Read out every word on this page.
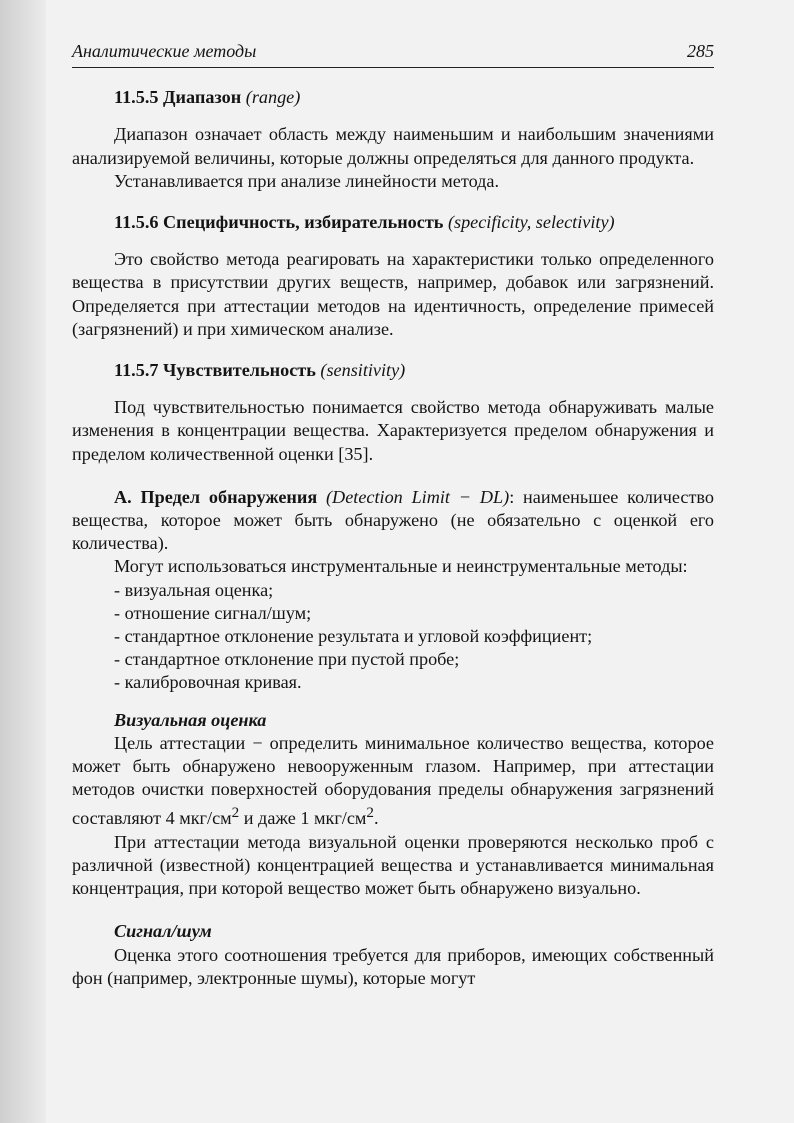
Аналитические методы	285
11.5.5 Диапазон (range)

Диапазон означает область между наименьшим и наибольшим значениями анализируемой величины, которые должны определяться для данного продукта.

Устанавливается при анализе линейности метода.

11.5.6 Специфичность, избирательность (specificity, selectivity)

Это свойство метода реагировать на характеристики только определенного вещества в присутствии других веществ, например, добавок или загрязнений. Определяется при аттестации методов на идентичность, определение примесей (загрязнений) и при химическом анализе.

11.5.7 Чувствительность (sensitivity)

Под чувствительностью понимается свойство метода обнаруживать малые изменения в концентрации вещества. Характеризуется пределом обнаружения и пределом количественной оценки [35].

А. Предел обнаружения (Detection Limit − DL): наименьшее количество вещества, которое может быть обнаружено (не обязательно с оценкой его количества).

Могут использоваться инструментальные и неинструментальные методы:

- визуальная оценка;
- отношение сигнал/шум;
- стандартное отклонение результата и угловой коэффициент;
- стандартное отклонение при пустой пробе;
- калибровочная кривая.
Визуальная оценка

Цель аттестации − определить минимальное количество вещества, которое может быть обнаружено невооруженным глазом. Например, при аттестации методов очистки поверхностей оборудования пределы обнаружения загрязнений составляют 4 мкг/$см^2$ и даже 1 мкг/$см^2$.

При аттестации метода визуальной оценки проверяются несколько проб с различной (известной) концентрацией вещества и устанавливается минимальная концентрация, при которой вещество может быть обнаружено визуально.

Сигнал/шум

Оценка этого соотношения требуется для приборов, имеющих собственный фон (например, электронные шумы), которые могут
